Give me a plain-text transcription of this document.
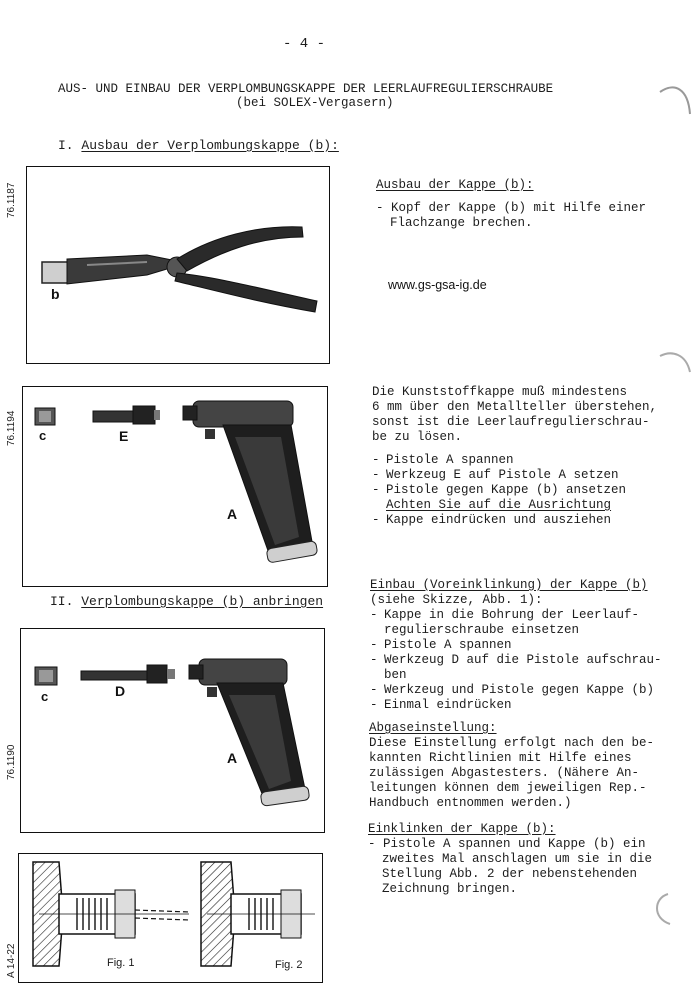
- 4 -
AUS- UND EINBAU DER VERPLOMBUNGSKAPPE DER LEERLAUFREGULIERSCHRAUBE
(bei SOLEX-Vergasern)
I. Ausbau der Verplombungskappe (b):
76.1187
b
Ausbau der Kappe (b):
- Kopf der Kappe (b) mit Hilfe einer
Flachzange brechen.
www.gs-gsa-ig.de
76.1194 c	E
A
Die Kunststoffkappe muß mindestens
6 mm über den Metallteller überstehen,
sonst ist die Leerlaufregulierschrau-
be zu lösen.
- Pistole A spannen
- Werkzeug E auf Pistole A setzen
- Pistole gegen Kappe (b) ansetzen
Achten Sie auf die Ausrichtung
- Kappe eindrücken und ausziehen
II. Verplombungskappe (b) anbringen
76.1190
c	D
A
Einbau (Voreinklinkung) der Kappe (b)
(siehe Skizze, Abb. 1):
- Kappe in die Bohrung der Leerlauf-
regulierschraube einsetzen
- Pistole A spannen
- Werkzeug D auf die Pistole aufschrau-
ben
- Werkzeug und Pistole gegen Kappe (b)
- Einmal eindrücken
Abgaseinstellung:
Diese Einstellung erfolgt nach den be-
kannten Richtlinien mit Hilfe eines
zulässigen Abgastesters. (Nähere An-
leitungen können dem jeweiligen Rep.-
Handbuch entnommen werden.)
Einklinken der Kappe (b):
- Pistole A spannen und Kappe (b) ein
zweites Mal anschlagen um sie in die
Stellung Abb. 2 der nebenstehenden
Zeichnung bringen.
A 14-22	Fig. 1	Fig. 2
